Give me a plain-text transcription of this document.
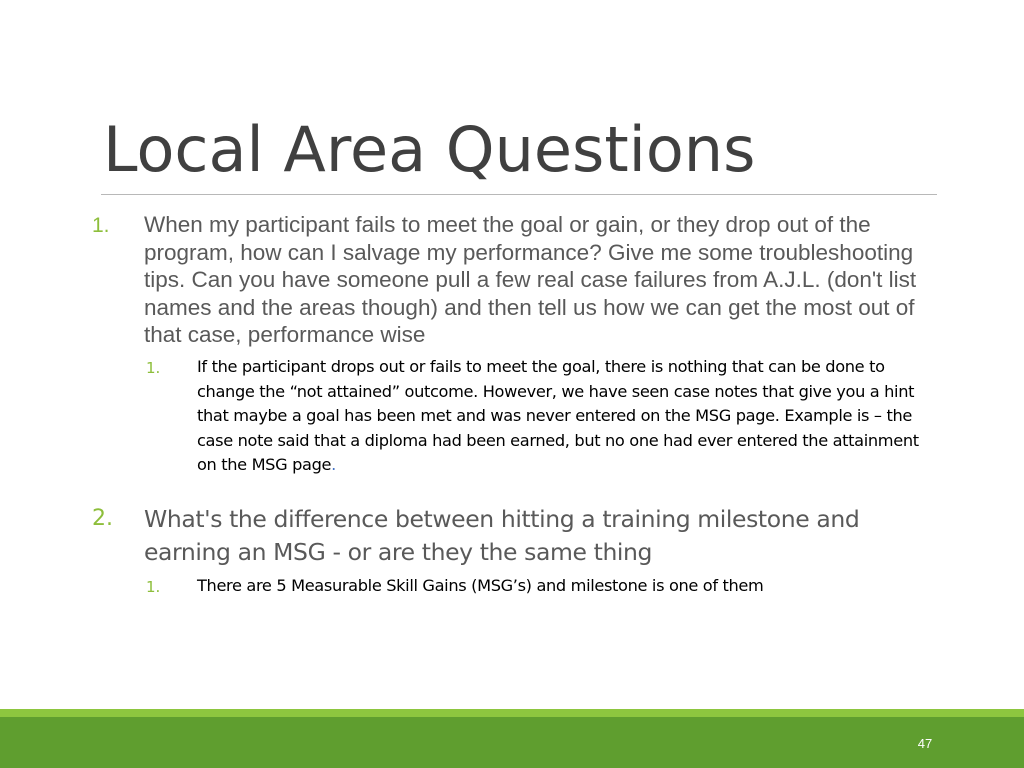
Local Area Questions
1. When my participant fails to meet the goal or gain, or they drop out of the program, how can I salvage my performance? Give me some troubleshooting tips. Can you have someone pull a few real case failures from A.J.L. (don't list names and the areas though) and then tell us how we can get the most out of that case, performance wise
1. If the participant drops out or fails to meet the goal, there is nothing that can be done to change the “not attained” outcome. However, we have seen case notes that give you a hint that maybe a goal has been met and was never entered on the MSG page. Example is – the case note said that a diploma had been earned, but no one had ever entered the attainment on the MSG page.
2. What's the difference between hitting a training milestone and earning an MSG - or are they the same thing
1. There are 5 Measurable Skill Gains (MSG’s) and milestone is one of them
47
